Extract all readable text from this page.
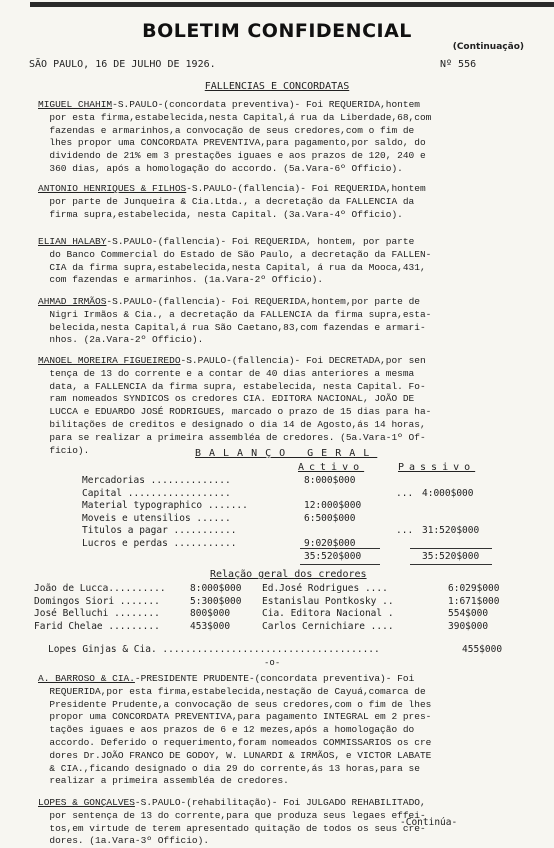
BOLETIM CONFIDENCIAL
(Continuação)
SÃO PAULO, 16 DE JULHO DE 1926.	Nº 556
FALLENCIAS E CONCORDATAS
MIGUEL CHAHIM-S.PAULO-(concordata preventiva)- Foi REQUERIDA,hontem
por esta firma,estabelecida,nesta Capital,á rua da Liberdade,68,com
fazendas e armarinhos,a convocação de seus credores,com o fim de
lhes propor uma CONCORDATA PREVENTIVA,para pagamento,por saldo, do
dividendo de 21% em 3 prestações iguaes e aos prazos de 120, 240 e
360 dias, após a homologação do accordo. (5a.Vara-6º Officio).
ANTONIO HENRIQUES & FILHOS-S.PAULO-(fallencia)- Foi REQUERIDA,hontem
por parte de Junqueira & Cia.Ltda., a decretação da FALLENCIA da
firma supra,estabelecida, nesta Capital. (3a.Vara-4º Officio).
ELIAN HALABY-S.PAULO-(fallencia)- Foi REQUERIDA, hontem, por parte
do Banco Commercial do Estado de São Paulo, a decretação da FALLEN-
CIA da firma supra,estabelecida,nesta Capital, á rua da Mooca,431,
com fazendas e armarinhos. (1a.Vara-2º Officio).
AHMAD IRMÃOS-S.PAULO-(fallencia)- Foi REQUERIDA,hontem,por parte de
Nigri Irmãos & Cia., a decretação da FALLENCIA da firma supra,esta-
belecida,nesta Capital,á rua São Caetano,83,com fazendas e armari-
nhos. (2a.Vara-2º Officio).
MANOEL MOREIRA FIGUEIREDO-S.PAULO-(fallencia)- Foi DECRETADA,por sen
tença de 13 do corrente e a contar de 40 dias anteriores a mesma
data, a FALLENCIA da firma supra, estabelecida, nesta Capital. Fo-
ram nomeados SYNDICOS os credores CIA. EDITORA NACIONAL, JOÃO DE
LUCCA e EDUARDO JOSÉ RODRIGUES, marcado o prazo de 15 dias para ha-
bilitações de creditos e designado o dia 14 de Agosto,ás 14 horas,
para se realizar a primeira assembléa de credores. (5a.Vara-1º Of-
ficio).	BALANÇO GERAL
Activo	Passivo
Mercadorias ..............	8:000$000
Capital ..................	... 4:000$000
Material typographico .......	12:000$000
Moveis e utensilios ......	6:500$000
Titulos a pagar ...........	... 31:520$000
Lucros e perdas ...........	9:020$000
35:520$000	35:520$000
Relação geral dos credores
João de Lucca..........	8:000$000 Ed.José Rodrigues ....	6:029$000
Domingos Siori .......	5:300$000 Estanislau Pontkosky ..	1:671$000
José Belluchi ........	800$000	Cia. Editora Nacional .	554$000
Farid Chelae .........	453$000	Carlos Cernichiare ....	390$000
Lopes Ginjas & Cia. ......................................	455$000
-o-
A. BARROSO & CIA.-PRESIDENTE PRUDENTE-(concordata preventiva)- Foi
REQUERIDA,por esta firma,estabelecida,nestação de Cayuá,comarca de
Presidente Prudente,a convocação de seus credores,com o fim de lhes
propor uma CONCORDATA PREVENTIVA,para pagamento INTEGRAL em 2 pres-
tações iguaes e aos prazos de 6 e 12 mezes,após a homologação do
accordo. Deferido o requerimento,foram nomeados COMMISSARIOS os cre
dores Dr.JOÃO FRANCO DE GODOY, W. LUNARDI & IRMÃOS, e VICTOR LABATE
& CIA.,ficando designado o dia 29 do corrente,ás 13 horas,para se
realizar a primeira assembléa de credores.
LOPES & GONÇALVES-S.PAULO-(rehabilitação)- Foi JULGADO REHABILITADO,
por sentença de 13 do corrente,para que produza seus legaes effei-
tos,em virtude de terem apresentado quitação de todos os seus cre-
dores. (1a.Vara-3º Officio).
-Continúa-
